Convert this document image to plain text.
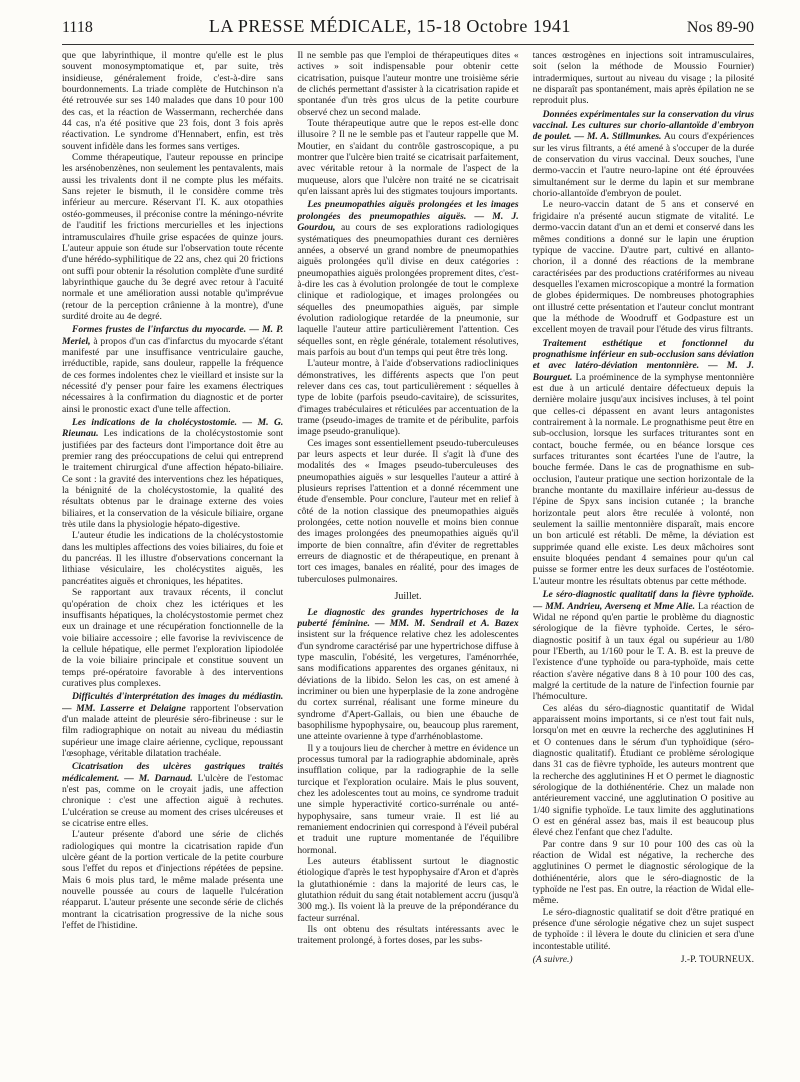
1118	LA PRESSE MÉDICALE, 15-18 Octobre 1941	Nos 89-90

que que labyrinthique, il montre qu'elle est le plus souvent monosymptomatique et, par suite, très insidieuse, généralement froide, c'est-à-dire sans bourdonnements. La triade complète de Hutchinson n'a été retrouvée sur ses 140 malades que dans 10 pour 100 des cas, et la réaction de Wassermann, recherchée dans 44 cas, n'a été positive que 23 fois, dont 3 fois après réactivation. Le syndrome d'Hennabert, enfin, est très souvent infidèle dans les formes sans vertiges.

Comme thérapeutique, l'auteur repousse en principe les arsénobenzènes, non seulement les pentavalents, mais aussi les trivalents dont il ne compte plus les méfaits. Sans rejeter le bismuth, il le considère comme très inférieur au mercure. Réservant l'I. K. aux otopathies ostéo-gommeuses, il préconise contre la méningo-névrite de l'auditif les frictions mercurielles et les injections intramusculaires d'huile grise espacées de quinze jours. L'auteur appuie son étude sur l'observation toute récente d'une hérédo-syphilitique de 22 ans, chez qui 20 frictions ont suffi pour obtenir la résolution complète d'une surdité labyrinthique gauche du 3e degré avec retour à l'acuité normale et une amélioration aussi notable qu'imprévue (retour de la perception crânienne à la montre), d'une surdité droite au 4e degré.

Formes frustes de l'infarctus du myocarde. — M. P. Meriel, à propos d'un cas d'infarctus du myocarde s'étant manifesté par une insuffisance ventriculaire gauche, irréductible, rapide, sans douleur, rappelle la fréquence de ces formes indolentes chez le vieillard et insiste sur la nécessité d'y penser pour faire les examens électriques nécessaires à la confirmation du diagnostic et de porter ainsi le pronostic exact d'une telle affection.

Les indications de la cholécystostomie. — M. G. Rieunau. Les indications de la cholécystostomie sont justifiées par des facteurs dont l'importance doit être au premier rang des préoccupations de celui qui entreprend le traitement chirurgical d'une affection hépato-biliaire. Ce sont : la gravité des interventions chez les hépatiques, la bénignité de la cholécystostomie, la qualité des résultats obtenus par le drainage externe des voies biliaires, et la conservation de la vésicule biliaire, organe très utile dans la physiologie hépato-digestive.

L'auteur étudie les indications de la cholécystostomie dans les multiples affections des voies biliaires, du foie et du pancréas. Il les illustre d'observations concernant la lithiase vésiculaire, les cholécystites aiguës, les pancréatites aiguës et chroniques, les hépatites.

Se rapportant aux travaux récents, il conclut qu'opération de choix chez les ictériques et les insuffisants hépatiques, la cholécystostomie permet chez eux un drainage et une récupération fonctionnelle de la voie biliaire accessoire ; elle favorise la reviviscence de la cellule hépatique, elle permet l'exploration lipiodolée de la voie biliaire principale et constitue souvent un temps pré-opératoire favorable à des interventions curatives plus complexes.

Difficultés d'interprétation des images du médiastin. — MM. Lasserre et Delaigne rapportent l'observation d'un malade atteint de pleurésie séro-fibrineuse : sur le film radiographique on notait au niveau du médiastin supérieur une image claire aérienne, cyclique, repoussant l'œsophage, véritable dilatation trachéale.

Cicatrisation des ulcères gastriques traités médicalement. — M. Darnaud. L'ulcère de l'estomac n'est pas, comme on le croyait jadis, une affection chronique : c'est une affection aiguë à rechutes. L'ulcération se creuse au moment des crises ulcéreuses et se cicatrise entre elles.

L'auteur présente d'abord une série de clichés radiologiques qui montre la cicatrisation rapide d'un ulcère géant de la portion verticale de la petite courbure sous l'effet du repos et d'injections répétées de pepsine. Mais 6 mois plus tard, le même malade présenta une nouvelle poussée au cours de laquelle l'ulcération réapparut. L'auteur présente une seconde série de clichés montrant la cicatrisation progressive de la niche sous l'effet de l'histidine.

Il ne semble pas que l'emploi de thérapeutiques dites « actives » soit indispensable pour obtenir cette cicatrisation, puisque l'auteur montre une troisième série de clichés permettant d'assister à la cicatrisation rapide et spontanée d'un très gros ulcus de la petite courbure observé chez un second malade.

Toute thérapeutique autre que le repos est-elle donc illusoire ? Il ne le semble pas et l'auteur rappelle que M. Moutier, en s'aidant du contrôle gastroscopique, a pu montrer que l'ulcère bien traité se cicatrisait parfaitement, avec véritable retour à la normale de l'aspect de la muqueuse, alors que l'ulcère non traité ne se cicatrisait qu'en laissant après lui des stigmates toujours importants.

Les pneumopathies aiguës prolongées et les images prolongées des pneumopathies aiguës. — M. J. Gourdou, au cours de ses explorations radiologiques systématiques des pneumopathies durant ces dernières années, a observé un grand nombre de pneumopathies aiguës prolongées qu'il divise en deux catégories : pneumopathies aiguës prolongées proprement dites, c'est-à-dire les cas à évolution prolongée de tout le complexe clinique et radiologique, et images prolongées ou séquelles des pneumopathies aiguës, par simple évolution radiologique retardée de la pneumonie, sur laquelle l'auteur attire particulièrement l'attention. Ces séquelles sont, en règle générale, totalement résolutives, mais parfois au bout d'un temps qui peut être très long.

L'auteur montre, à l'aide d'observations radiocliniques démonstratives, les différents aspects que l'on peut relever dans ces cas, tout particulièrement : séquelles à type de lobite (parfois pseudo-cavitaire), de scissurites, d'images trabéculaires et réticulées par accentuation de la trame (pseudo-images de tramite et de péribulite, parfois image pseudo-granulique).

Ces images sont essentiellement pseudo-tuberculeuses par leurs aspects et leur durée. Il s'agit là d'une des modalités des « Images pseudo-tuberculeuses des pneumopathies aiguës » sur lesquelles l'auteur a attiré à plusieurs reprises l'attention et a donné récemment une étude d'ensemble. Pour conclure, l'auteur met en relief à côté de la notion classique des pneumopathies aiguës prolongées, cette notion nouvelle et moins bien connue des images prolongées des pneumopathies aiguës qu'il importe de bien connaître, afin d'éviter de regrettables erreurs de diagnostic et de thérapeutique, en prenant à tort ces images, banales en réalité, pour des images de tuberculoses pulmonaires.

Juillet.

Le diagnostic des grandes hypertrichoses de la puberté féminine. — MM. M. Sendrail et A. Bazex insistent sur la fréquence relative chez les adolescentes d'un syndrome caractérisé par une hypertrichose diffuse à type masculin, l'obésité, les vergetures, l'aménorrhée, sans modifications apparentes des organes génitaux, ni déviations de la libido. Selon les cas, on est amené à incriminer ou bien une hyperplasie de la zone androgène du cortex surrénal, réalisant une forme mineure du syndrome d'Apert-Gallais, ou bien une ébauche de basophilisme hypophysaire, ou, beaucoup plus rarement, une atteinte ovarienne à type d'arrhénoblastome.

Il y a toujours lieu de chercher à mettre en évidence un processus tumoral par la radiographie abdominale, après insufflation colique, par la radiographie de la selle turcique et l'exploration oculaire. Mais le plus souvent, chez les adolescentes tout au moins, ce syndrome traduit une simple hyperactivité cortico-surrénale ou anté-hypophysaire, sans tumeur vraie. Il est lié au remaniement endocrinien qui correspond à l'éveil pubéral et traduit une rupture momentanée de l'équilibre hormonal.

Les auteurs établissent surtout le diagnostic étiologique d'après le test hypophysaire d'Aron et d'après la glutathionémie : dans la majorité de leurs cas, le glutathion réduit du sang était notablement accru (jusqu'à 300 mg.). Ils voient là la preuve de la prépondérance du facteur surrénal.

Ils ont obtenu des résultats intéressants avec le traitement prolongé, à fortes doses, par les subs-

tances œstrogènes en injections soit intramusculaires, soit (selon la méthode de Moussio Fournier) intradermiques, surtout au niveau du visage ; la pilosité ne disparaît pas spontanément, mais après épilation ne se reproduit plus.

Données expérimentales sur la conservation du virus vaccinal. Les cultures sur chorio-allantoïde d'embryon de poulet. — M. A. Stillmunkes. Au cours d'expériences sur les virus filtrants, a été amené à s'occuper de la durée de conservation du virus vaccinal. Deux souches, l'une dermo-vaccin et l'autre neuro-lapine ont été éprouvées simultanément sur le derme du lapin et sur membrane chorio-allantoïde d'embryon de poulet.

Le neuro-vaccin datant de 5 ans et conservé en frigidaire n'a présenté aucun stigmate de vitalité. Le dermo-vaccin datant d'un an et demi et conservé dans les mêmes conditions a donné sur le lapin une éruption typique de vaccine. D'autre part, cultivé en allanto-chorion, il a donné des réactions de la membrane caractérisées par des productions cratériformes au niveau desquelles l'examen microscopique a montré la formation de globes épidermiques. De nombreuses photographies ont illustré cette présentation et l'auteur conclut montrant que la méthode de Woodruff et Godpasture est un excellent moyen de travail pour l'étude des virus filtrants.

Traitement esthétique et fonctionnel du prognathisme inférieur en sub-occlusion sans déviation et avec latéro-déviation mentonnière. — M. J. Bourguet. La proéminence de la symphyse mentonnière est due à un articulé dentaire défectueux depuis la dernière molaire jusqu'aux incisives incluses, à tel point que celles-ci dépassent en avant leurs antagonistes contrairement à la normale. Le prognathisme peut être en sub-occlusion, lorsque les surfaces triturantes sont en contact, bouche fermée, ou en béance lorsque ces surfaces triturantes sont écartées l'une de l'autre, la bouche fermée. Dans le cas de prognathisme en sub-occlusion, l'auteur pratique une section horizontale de la branche montante du maxillaire inférieur au-dessus de l'épine de Spyx sans incision cutanée ; la branche horizontale peut alors être reculée à volonté, non seulement la saillie mentonnière disparaît, mais encore un bon articulé est rétabli. De même, la déviation est supprimée quand elle existe. Les deux mâchoires sont ensuite bloquées pendant 4 semaines pour qu'un cal puisse se former entre les deux surfaces de l'ostéotomie. L'auteur montre les résultats obtenus par cette méthode.

Le séro-diagnostic qualitatif dans la fièvre typhoïde. — MM. Andrieu, Aversenq et Mme Alie. La réaction de Widal ne répond qu'en partie le problème du diagnostic sérologique de la fièvre typhoïde. Certes, le séro-diagnostic positif à un taux égal ou supérieur au 1/80 pour l'Eberth, au 1/160 pour le T. A. B. est la preuve de l'existence d'une typhoïde ou para-typhoïde, mais cette réaction s'avère négative dans 8 à 10 pour 100 des cas, malgré la certitude de la nature de l'infection fournie par l'hémoculture.

Ces aléas du séro-diagnostic quantitatif de Widal apparaissent moins importants, si ce n'est tout fait nuls, lorsqu'on met en œuvre la recherche des agglutinines H et O contenues dans le sérum d'un typhoïdique (séro-diagnostic qualitatif). Étudiant ce problème sérologique dans 31 cas de fièvre typhoïde, les auteurs montrent que la recherche des agglutinines H et O permet le diagnostic sérologique de la dothiénentérie. Chez un malade non antérieurement vacciné, une agglutination O positive au 1/40 signifie typhoïde. Le taux limite des agglutinations O est en général assez bas, mais il est beaucoup plus élevé chez l'enfant que chez l'adulte.

Par contre dans 9 sur 10 pour 100 des cas où la réaction de Widal est négative, la recherche des agglutinines O permet le diagnostic sérologique de la dothiénentérie, alors que le séro-diagnostic de la typhoïde ne l'est pas. En outre, la réaction de Widal elle-même.

Le séro-diagnostic qualitatif se doit d'être pratiqué en présence d'une sérologie négative chez un sujet suspect de typhoïde : il lèvera le doute du clinicien et sera d'une incontestable utilité.

(A suivre.)	J.-P. TOURNEUX.
